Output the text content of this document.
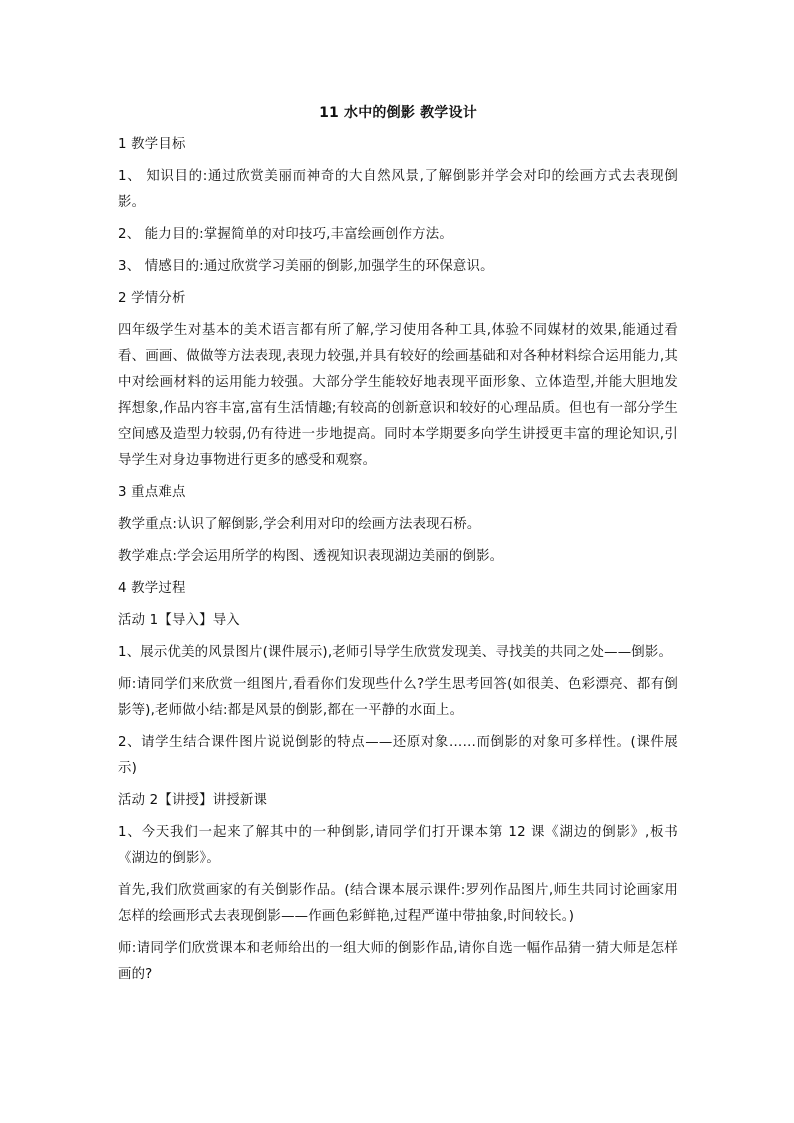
11 水中的倒影 教学设计

1 教学目标

1、 知识目的:通过欣赏美丽而神奇的大自然风景,了解倒影并学会对印的绘画方式去表现倒影。

2、 能力目的:掌握简单的对印技巧,丰富绘画创作方法。

3、 情感目的:通过欣赏学习美丽的倒影,加强学生的环保意识。

2 学情分析

四年级学生对基本的美术语言都有所了解,学习使用各种工具,体验不同媒材的效果,能通过看看、画画、做做等方法表现,表现力较强,并具有较好的绘画基础和对各种材料综合运用能力,其中对绘画材料的运用能力较强。大部分学生能较好地表现平面形象、立体造型,并能大胆地发挥想象,作品内容丰富,富有生活情趣;有较高的创新意识和较好的心理品质。但也有一部分学生空间感及造型力较弱,仍有待进一步地提高。同时本学期要多向学生讲授更丰富的理论知识,引导学生对身边事物进行更多的感受和观察。

3 重点难点

教学重点:认识了解倒影,学会利用对印的绘画方法表现石桥。

教学难点:学会运用所学的构图、透视知识表现湖边美丽的倒影。

4 教学过程

活动 1【导入】导入

1、展示优美的风景图片(课件展示),老师引导学生欣赏发现美、寻找美的共同之处——倒影。

师:请同学们来欣赏一组图片,看看你们发现些什么?学生思考回答(如很美、色彩漂亮、都有倒影等),老师做小结:都是风景的倒影,都在一平静的水面上。

2、请学生结合课件图片说说倒影的特点——还原对象……而倒影的对象可多样性。(课件展示)

活动 2【讲授】讲授新课

1、今天我们一起来了解其中的一种倒影,请同学们打开课本第 12 课《湖边的倒影》,板书《湖边的倒影》。

首先,我们欣赏画家的有关倒影作品。(结合课本展示课件:罗列作品图片,师生共同讨论画家用怎样的绘画形式去表现倒影——作画色彩鲜艳,过程严谨中带抽象,时间较长。)

师:请同学们欣赏课本和老师给出的一组大师的倒影作品,请你自选一幅作品猜一猜大师是怎样画的?
